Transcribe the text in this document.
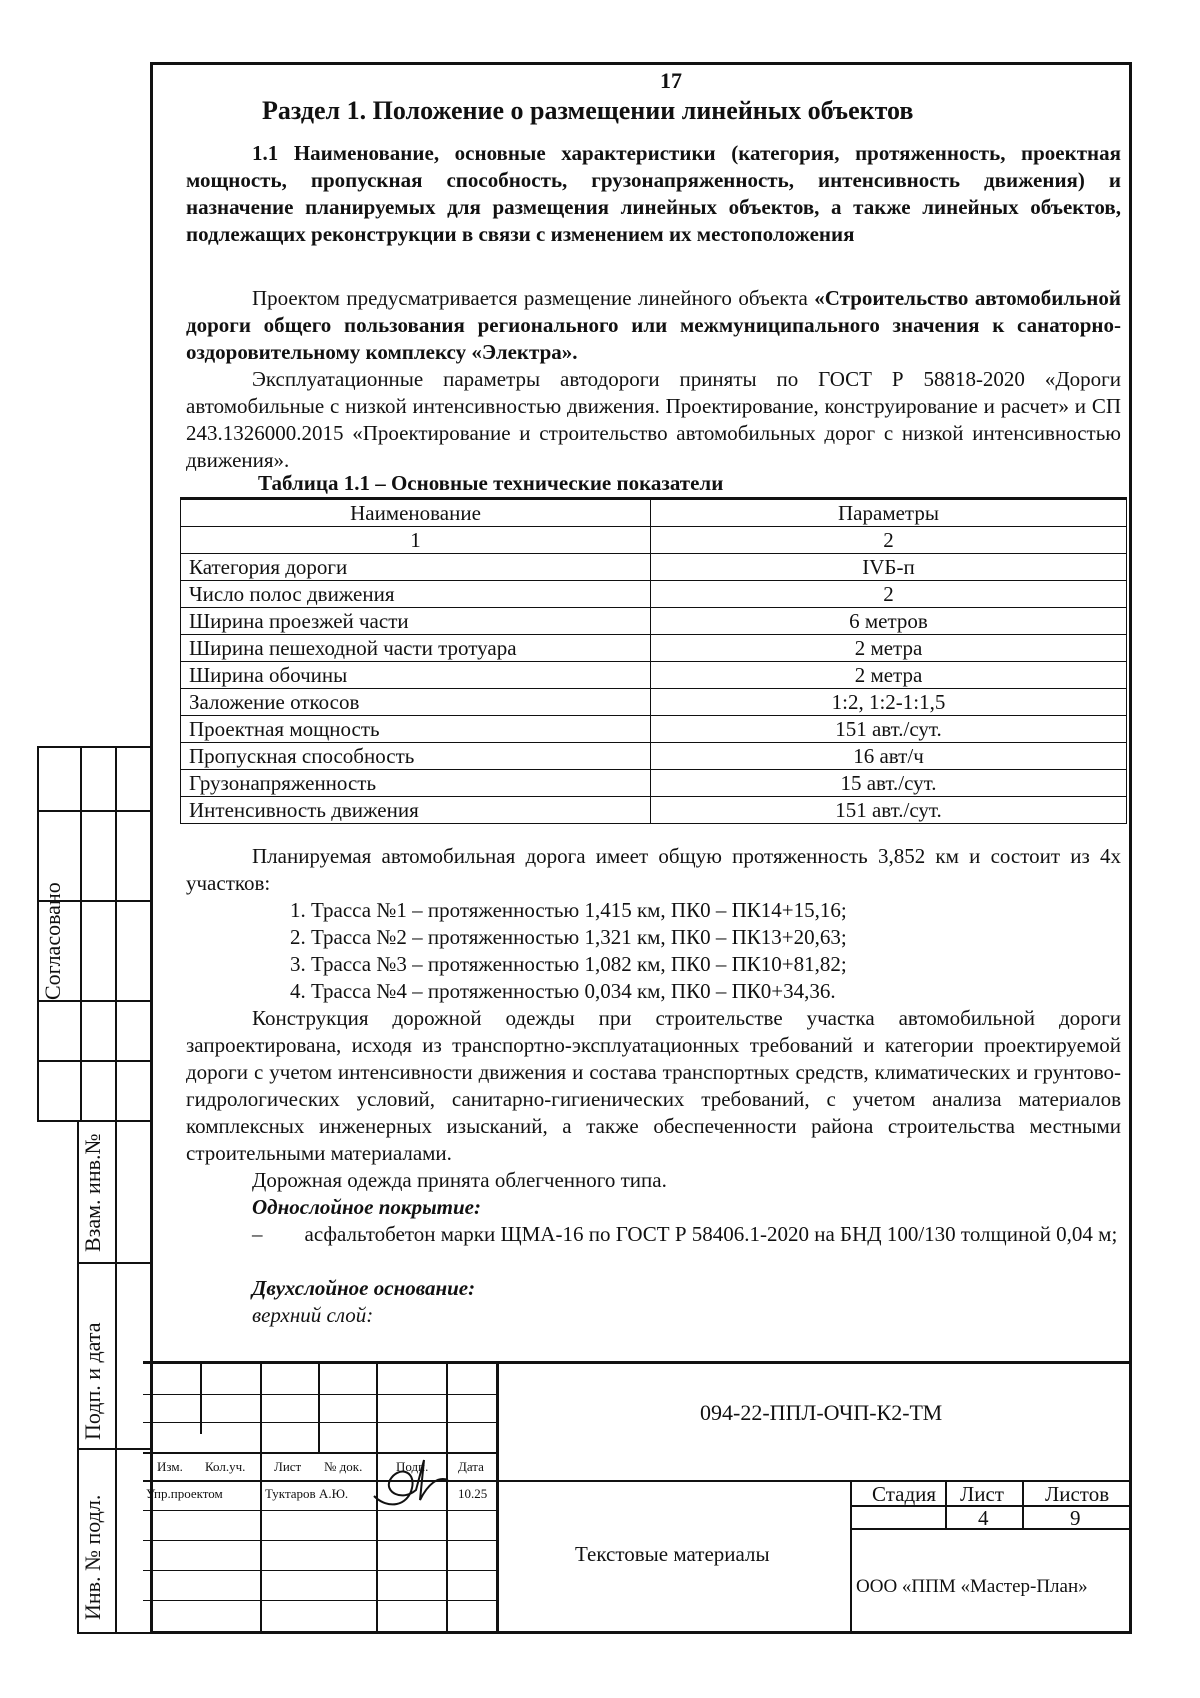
17
Раздел 1. Положение о размещении линейных объектов
1.1 Наименование, основные характеристики (категория, протяженность, проектная мощность, пропускная способность, грузонапряженность, интенсивность движения) и назначение планируемых для размещения линейных объектов, а также линейных объектов, подлежащих реконструкции в связи с изменением их местоположения
Проектом предусматривается размещение линейного объекта «Строительство автомобильной дороги общего пользования регионального или межмуниципального значения к санаторно-оздоровительному комплексу «Электра».
Эксплуатационные параметры автодороги приняты по ГОСТ Р 58818-2020 «Дороги автомобильные с низкой интенсивностью движения. Проектирование, конструирование и расчет» и СП 243.1326000.2015 «Проектирование и строительство автомобильных дорог с низкой интенсивностью движения».
Таблица 1.1 – Основные технические показатели
Наименование	Параметры
1	2
Категория дороги	IVБ-п
Число полос движения	2
Ширина проезжей части	6 метров
Ширина пешеходной части тротуара	2 метра
Ширина обочины	2 метра
Заложение откосов	1:2, 1:2-1:1,5
Проектная мощность	151 авт./сут.
Пропускная способность	16 авт/ч
Грузонапряженность	15 авт./сут.
Интенсивность движения	151 авт./сут.
Планируемая автомобильная дорога имеет общую протяженность 3,852 км и состоит из 4х участков:
1. Трасса №1 – протяженностью 1,415 км, ПК0 – ПК14+15,16;
2. Трасса №2 – протяженностью 1,321 км, ПК0 – ПК13+20,63;
3. Трасса №3 – протяженностью 1,082 км, ПК0 – ПК10+81,82;
4. Трасса №4 – протяженностью 0,034 км, ПК0 – ПК0+34,36.
Конструкция дорожной одежды при строительстве участка автомобильной дороги запроектирована, исходя из транспортно-эксплуатационных требований и категории проектируемой дороги с учетом интенсивности движения и состава транспортных средств, климатических и грунтово-гидрологических условий, санитарно-гигиенических требований, с учетом анализа материалов комплексных инженерных изысканий, а также обеспеченности района строительства местными строительными материалами.
Дорожная одежда принята облегченного типа.
Однослойное покрытие:
–        асфальтобетон марки ЩМА-16 по ГОСТ Р 58406.1-2020 на БНД 100/130 толщиной 0,04 м;
Двухслойное основание:
верхний слой:
Согласовано
Взам. инв.№
Подп. и дата
Инв. № подл.
Изм. Кол.уч. Лист № док.	Подп. Дата
Упр.проектом	Туктаров А.Ю.	10.25
094-22-ППЛ-ОЧП-К2-ТМ
Текстовые материалы
Стадия Лист Листов
4	9
ООО «ППМ «Мастер-План»
